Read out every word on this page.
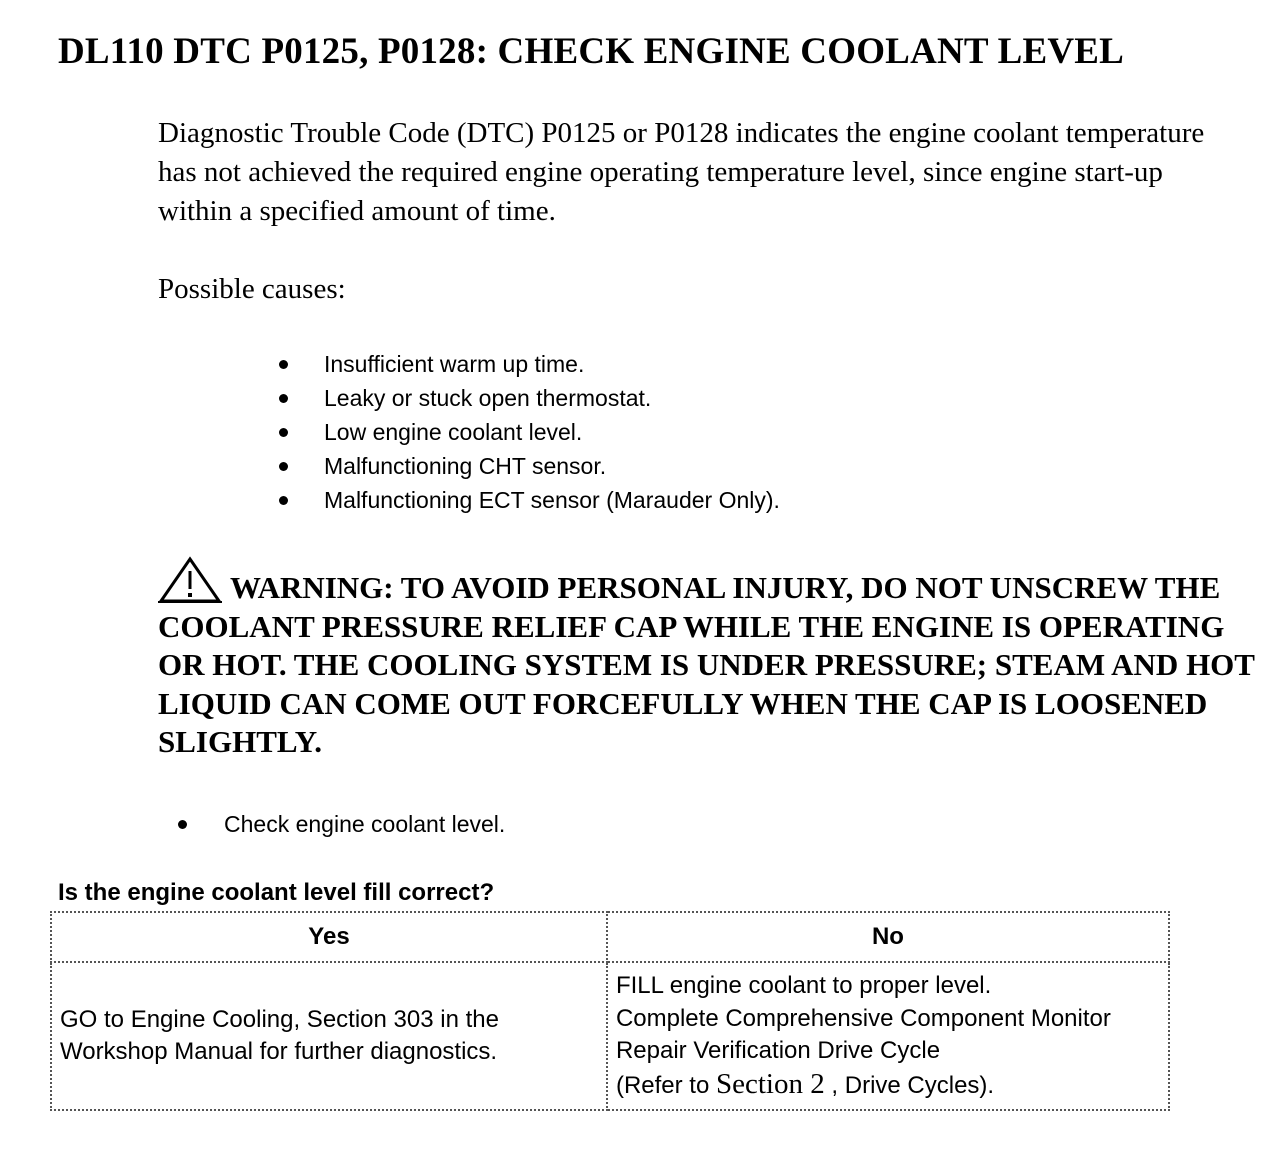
DL110 DTC P0125, P0128: CHECK ENGINE COOLANT LEVEL

Diagnostic Trouble Code (DTC) P0125 or P0128 indicates the engine coolant temperature has not achieved the required engine operating temperature level, since engine start-up within a specified amount of time.

Possible causes:

Insufficient warm up time.
Leaky or stuck open thermostat.
Low engine coolant level.
Malfunctioning CHT sensor.
Malfunctioning ECT sensor (Marauder Only).

WARNING: TO AVOID PERSONAL INJURY, DO NOT UNSCREW THE COOLANT PRESSURE RELIEF CAP WHILE THE ENGINE IS OPERATING OR HOT. THE COOLING SYSTEM IS UNDER PRESSURE; STEAM AND HOT LIQUID CAN COME OUT FORCEFULLY WHEN THE CAP IS LOOSENED SLIGHTLY.

Check engine coolant level.

Is the engine coolant level fill correct?

Yes	No
GO to Engine Cooling, Section 303 in the Workshop Manual for further diagnostics.	FILL engine coolant to proper level.
Complete Comprehensive Component Monitor Repair Verification Drive Cycle
(Refer to Section 2 , Drive Cycles).
